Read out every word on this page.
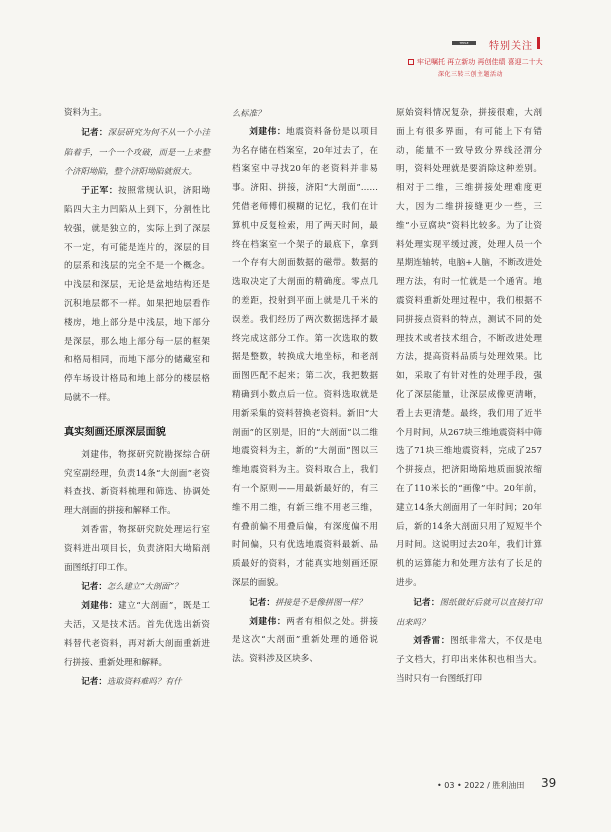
TEPLE SULAVERY	特别关注
牢记嘱托 再立新功 再创佳绩 喜迎二十大
深化三转三创主题活动

资料为主。

记者：深层研究为何不从一个小洼陷着手，一个一个攻破，而是一上来整个济阳坳陷，整个济阳坳陷就很大。

于正军：按照常规认识，济阳坳陷四大主力凹陷从上到下，分割性比较强，就是独立的，实际上到了深层不一定，有可能是连片的，深层的目的层系和浅层的完全不是一个概念。中浅层和深层，无论是盆地结构还是沉积地层都不一样。如果把地层看作楼房，地上部分是中浅层，地下部分是深层，那么地上部分每一层的框架和格局相同，而地下部分的储藏室和停车场设计格局和地上部分的楼层格局就不一样。

真实刻画还原深层面貌

刘建伟，物探研究院勘探综合研究室副经理，负责14条“大剖面”老资料查找、新资料梳理和筛选、协调处理大剖面的拼接和解释工作。

刘香雷，物探研究院处理运行室资料进出项目长，负责济阳大坳陷剖面图纸打印工作。

记者：怎么建立“大剖面”？

刘建伟：建立“大剖面”，既是工夫活，又是技术活。首先优选出新资料替代老资料，再对新大剖面重新进行拼接、重新处理和解释。

记者：选取资料难吗？有什

么标准？

刘建伟：地震资料备份是以项目为名存储在档案室，20年过去了，在档案室中寻找20年的老资料并非易事。济阳、拼接，济阳“大剖面”……凭借老师傅们模糊的记忆，我们在计算机中反复检索，用了两天时间，最终在档案室一个架子的最底下，拿到一个存有大剖面数据的磁带。数据的选取决定了大剖面的精确度。零点几的差距，投射到平面上就是几千米的误差。我们经历了两次数据选择才最终完成这部分工作。第一次选取的数据是整数，转换成大地坐标，和老剖面图匹配不起来；第二次，我把数据精确到小数点后一位。资料选取就是用新采集的资料替换老资料。新旧“大剖面”的区别是，旧的“大剖面”以二维地震资料为主，新的“大剖面”图以三维地震资料为主。资料取合上，我们有一个原则——用最新最好的，有三维不用二维，有新三维不用老三维，有叠前偏不用叠后偏，有深度偏不用时间偏，只有优选地震资料最新、品质最好的资料，才能真实地刻画还原深层的面貌。

记者：拼接是不是像拼图一样？

刘建伟：两者有相似之处。拼接是这次“大剖面”重新处理的通俗说法。资料涉及区块多、

原始资料情况复杂，拼接很难，大剖面上有很多界面，有可能上下有错动，能量不一致导致分界线泾渭分明，资料处理就是要消除这种差别。相对于二维，三维拼接处理难度更大，因为二维拼接缝更少一些，三维“小豆腐块”资料比较多。为了让资料处理实现平缓过渡，处理人员一个星期连轴转，电脑+人脑，不断改进处理方法，有时一忙就是一个通宵。地震资料重新处理过程中，我们根据不同拼接点资料的特点，测试不同的处理技术或者技术组合，不断改进处理方法，提高资料品质与处理效果。比如，采取了有针对性的处理手段，强化了深层能量，让深层成像更清晰，看上去更清楚。最终，我们用了近半个月时间，从267块三维地震资料中筛选了71块三维地震资料，完成了257个拼接点，把济阳坳陷地质面貌浓缩在了110米长的“画像”中。20年前，建立14条大剖面用了一年时间；20年后，新的14条大剖面只用了短短半个月时间。这说明过去20年，我们计算机的运算能力和处理方法有了长足的进步。

记者：图纸做好后就可以直接打印出来吗？

刘香雷：图纸非常大，不仅是电子文档大，打印出来体积也相当大。当时只有一台图纸打印

• 03 • 2022 / 胜利油田 39
